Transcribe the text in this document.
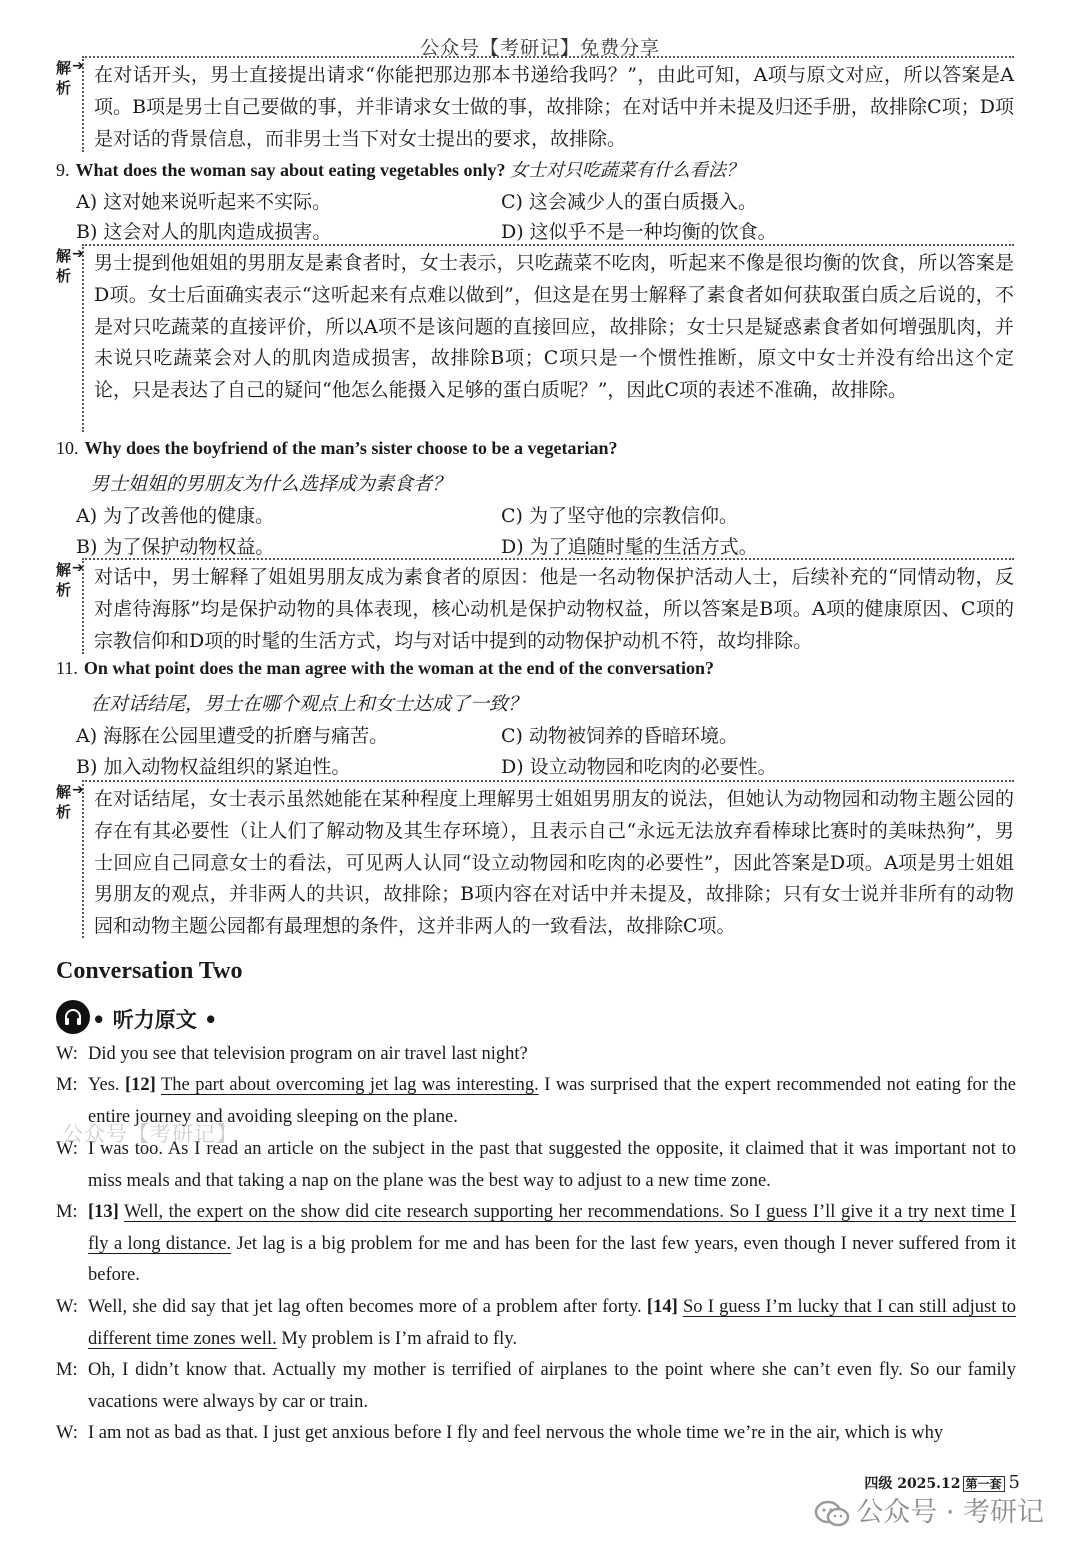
公众号【考研记】免费分享
解析
➔ 在对话开头，男士直接提出请求“你能把那边那本书递给我吗？”，由此可知，A项与原文对应，所以答案是A项。B项是男士自己要做的事，并非请求女士做的事，故排除；在对话中并未提及归还手册，故排除C项；D项是对话的背景信息，而非男士当下对女士提出的要求，故排除。
9. What does the woman say about eating vegetables only? 女士对只吃蔬菜有什么看法？
A) 这对她来说听起来不实际。	C) 这会减少人的蛋白质摄入。
B) 这会对人的肌肉造成损害。	D) 这似乎不是一种均衡的饮食。
解析
➔ 男士提到他姐姐的男朋友是素食者时，女士表示，只吃蔬菜不吃肉，听起来不像是很均衡的饮食，所以答案是D项。女士后面确实表示“这听起来有点难以做到”，但这是在男士解释了素食者如何获取蛋白质之后说的，不是对只吃蔬菜的直接评价，所以A项不是该问题的直接回应，故排除；女士只是疑惑素食者如何增强肌肉，并未说只吃蔬菜会对人的肌肉造成损害，故排除B项；C项只是一个惯性推断，原文中女士并没有给出这个定论，只是表达了自己的疑问“他怎么能摄入足够的蛋白质呢？”，因此C项的表述不准确，故排除。
10. Why does the boyfriend of the man’s sister choose to be a vegetarian?
男士姐姐的男朋友为什么选择成为素食者？
A) 为了改善他的健康。	C) 为了坚守他的宗教信仰。
B) 为了保护动物权益。	D) 为了追随时髦的生活方式。
解析
➔ 对话中，男士解释了姐姐男朋友成为素食者的原因：他是一名动物保护活动人士，后续补充的“同情动物，反对虐待海豚”均是保护动物的具体表现，核心动机是保护动物权益，所以答案是B项。A项的健康原因、C项的宗教信仰和D项的时髦的生活方式，均与对话中提到的动物保护动机不符，故均排除。
11. On what point does the man agree with the woman at the end of the conversation?
在对话结尾，男士在哪个观点上和女士达成了一致？
A) 海豚在公园里遭受的折磨与痛苦。	C) 动物被饲养的昏暗环境。
B) 加入动物权益组织的紧迫性。	D) 设立动物园和吃肉的必要性。
解析
➔ 在对话结尾，女士表示虽然她能在某种程度上理解男士姐姐男朋友的说法，但她认为动物园和动物主题公园的存在有其必要性（让人们了解动物及其生存环境），且表示自己“永远无法放弃看棒球比赛时的美味热狗”，男士回应自己同意女士的看法，可见两人认同“设立动物园和吃肉的必要性”，因此答案是D项。A项是男士姐姐男朋友的观点，并非两人的共识，故排除；B项内容在对话中并未提及，故排除；只有女士说并非所有的动物园和动物主题公园都有最理想的条件，这并非两人的一致看法，故排除C项。
Conversation Two
• 听力原文 •
公众号【考研记】
W: Did you see that television program on air travel last night?
M: Yes. [12] The part about overcoming jet lag was interesting. I was surprised that the expert recommended not eating for the entire journey and avoiding sleeping on the plane.
W: I was too. As I read an article on the subject in the past that suggested the opposite, it claimed that it was important not to miss meals and that taking a nap on the plane was the best way to adjust to a new time zone.
M: [13] Well, the expert on the show did cite research supporting her recommendations. So I guess I’ll give it a try next time I fly a long distance. Jet lag is a big problem for me and has been for the last few years, even though I never suffered from it before.
W: Well, she did say that jet lag often becomes more of a problem after forty. [14] So I guess I’m lucky that I can still adjust to different time zones well. My problem is I’m afraid to fly.
M: Oh, I didn’t know that. Actually my mother is terrified of airplanes to the point where she can’t even fly. So our family vacations were always by car or train.
W: I am not as bad as that. I just get anxious before I fly and feel nervous the whole time we’re in the air, which is why
四级 2025.12 第一套 5
公众号 · 考研记
